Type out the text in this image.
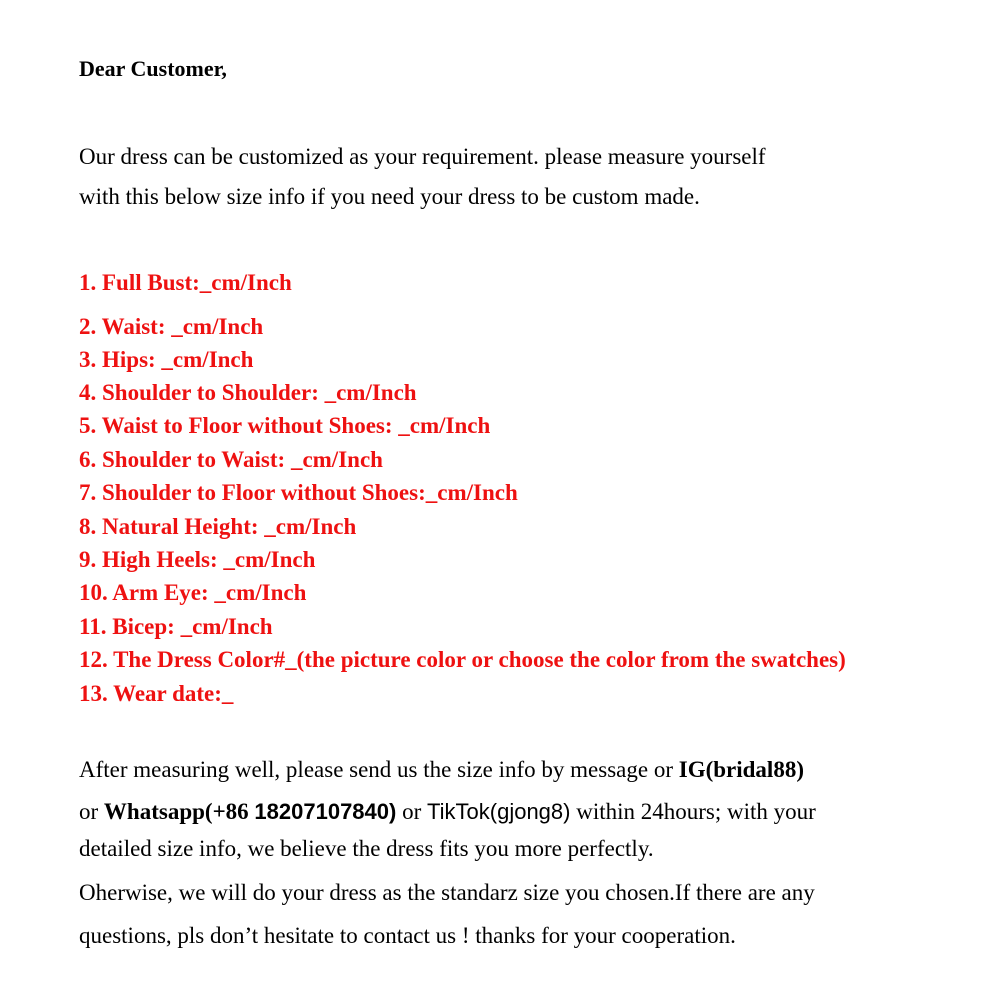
Dear Customer,
Our dress can be customized as your requirement. please measure yourself
with this below size info if you need your dress to be custom made.
1. Full Bust:_cm/Inch
2. Waist: _cm/Inch
3. Hips: _cm/Inch
4. Shoulder to Shoulder: _cm/Inch
5. Waist to Floor without Shoes: _cm/Inch
6. Shoulder to Waist: _cm/Inch
7. Shoulder to Floor without Shoes:_cm/Inch
8. Natural Height: _cm/Inch
9. High Heels: _cm/Inch
10. Arm Eye: _cm/Inch
11. Bicep: _cm/Inch
12. The Dress Color#_(the picture color or choose the color from the swatches)
13. Wear date:_
After measuring well, please send us the size info by message or IG(bridal88)
or Whatsapp(+86 18207107840) or TikTok(gjong8) within 24hours; with your
detailed size info, we believe the dress fits you more perfectly.
Oherwise, we will do your dress as the standarz size you chosen.If there are any
questions, pls don’t hesitate to contact us ! thanks for your cooperation.
